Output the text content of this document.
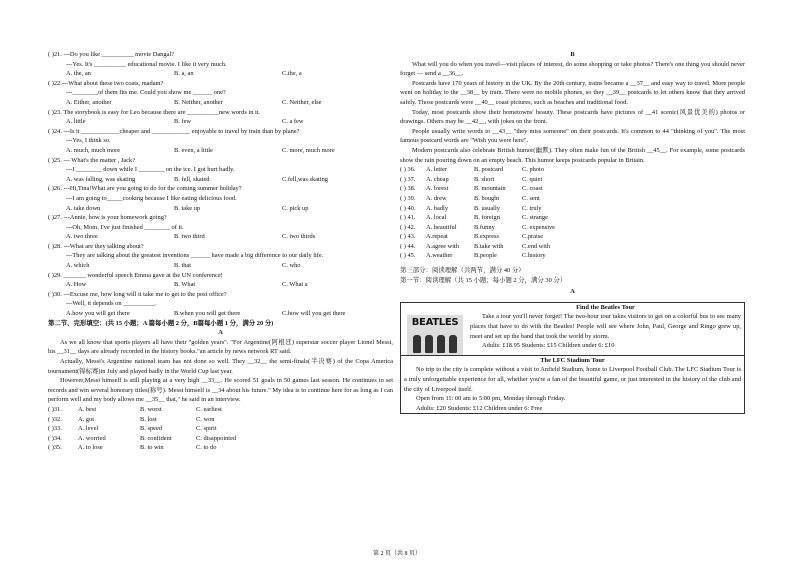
( )21. ---Do you like __________ movie Dangal?
---Yes. It's __________ educational movie. I like it very much.
A. the, an	B. a, an	C.the, a
( )22.---What about these two coats, madam?
---________of them fits me. Could you show me ______ one?
A. Either, another	B. Neither, another	C. Neither, else
( )23. The storybook is easy for Leo because there are __________new words in it.
A. little	B. few	C. a few
( )24. ---Is it ____________cheaper and ____________ enjoyable to travel by train than by plane?
---Yes, I think so.
A. much, much more	B. even, a little	C. more, much more
( )25. --- What's the matter , Jack?
---I ________ down while I ________ on the ice. I got hurt badly.
A. was falling, was skating	B. fell, skated	C.fell,was skating
( )26. ---Hi,Tina!What are you going to do for the coming summer holiday?
---I am going to_____cooking because I like eating delicious food.
A. take down	B. take up	C. pick up
( )27. ---Annie, how is your homework going?
---Oh, Mom, I've just finished ________ of it.
A. two three	B. two third	C. two thirds
( )28. ---What are they talking about?
---They are talking about the greatest inventions ______ have made a big difference to our daily life.
A. which	B. that	C. who
( )29. _______ wonderful speech Emma gave at the UN conference!
A. How	B. What	C. What a
( )30. ---Excuse me, how long will it take me to get to the post office?
---Well, it depends on __________.
A.how you will get there	B.when you will get there	C.how will you get there
第二节、完形填空：(共 15 小题；A 篇每小题 2 分，B篇每小题 1 分，满分 20 分)
A
As we all know that sports players all have their "golden years". "For Argentine(阿根廷) superstar soccer player Lionel Messi, his __31__ days are already recorded in the history books."an article by news network RT said.
Actually, Messi's Argentine national team has not done so well. They __32__ the semi-finals(半决赛) of the Copa America tournament(锦标赛)in July and played badly in the World Cup last year.
However,Messi himself is still playing at a very high __33__. He scored 51 goals in 50 games last season. He continues to set records and win several honorary titles(称号). Messi himself is __34 about his future." My idea is to continue here for as long as I can perform well and my body allows me __35__ that," he said in an interview.
( )31.	A. best	B. worst	C. earliest
( )32.	A. got	B. lost	C. won
( )33.	A. level	B. speed	C. spirit
( )34.	A. worried	B. confident	C. disappointed
( )35.	A. to lose	B. to win	C. to do
B
What will you do when you travel—visit places of interest, do some shopping or take photos? There's one thing you should never forget — send a __36__.
Postcards have 170 years of history in the UK. By the 20th century, trains became a __37__ and easy way to travel. More people went on holiday to the __38__ by train. There were no mobile phones, so they __39__ postcards to let others know that they arrived safely. Those postcards were __40__ coast pictures, such as beaches and traditional food.
Today, most postcards show their hometowns' beauty. These postcards have pictures of __41 scenic(风景优美的) photos or drawings. Others may be __42__, with jokes on the front.
People usually write words to __43__ "they miss someone" on their postcards. It's common to 44 "thinking of you". The most famous postcard words are "Wish you were here".
Modern postcards also celebrate British humor(幽默). They often make fun of the British __45__. For example, some postcards show the rain pouring down on an empty beach. This humor keeps postcards popular in Britain.
( ) 36.	A. letter	B. postcard	C. photo
( ) 37.	A. cheap	B. short	C. quiet
( ) 38.	A. forest	B. mountain	C. coast
( ) 39.	A. drew	B. bought	C. sent
( ) 40.	A. badly	B. usually	C. truly
( ) 41.	A. local	B. foreign	C. strange
( ) 42.	A. beautiful	B.funny	C. expensive
( ) 43.	A.repeat	B.express	C.praise
( ) 44.	A.agree with	B.take with	C.end with
( ) 45.	A.weather	B.people	C.history
第三部分：阅读理解（共两节，满分 40 分）
第一节：阅读理解（共 15 小题；每小题 2 分，满分 30 分）
A
BEATLES
Find the Beatles Tour
Take a tour you'll never forget! The two-hour tour takes visitors to get on a colorful bus to see many places that have to do with the Beatles! People will see where John, Paul, George and Ringo grew up, meet and set up the band that took the world by storm.
Adults: £18.95 Students: £15 Children under 6: £10
The LFC Stadium Tour
No trip to the city is complete without a visit to Anfield Stadium, home to Liverpool Football Club. The LFC Stadium Tour is a truly unforgettable experience for all, whether you're a fan of the beautiful game, or just interested in the history of the club and the city of Liverpool itself.
Open from 11: 00 am to 5:00 pm, Monday through Friday.
Adults: £20 Students: £12 Children under 6: Free
第 2 页（共 8 页）
